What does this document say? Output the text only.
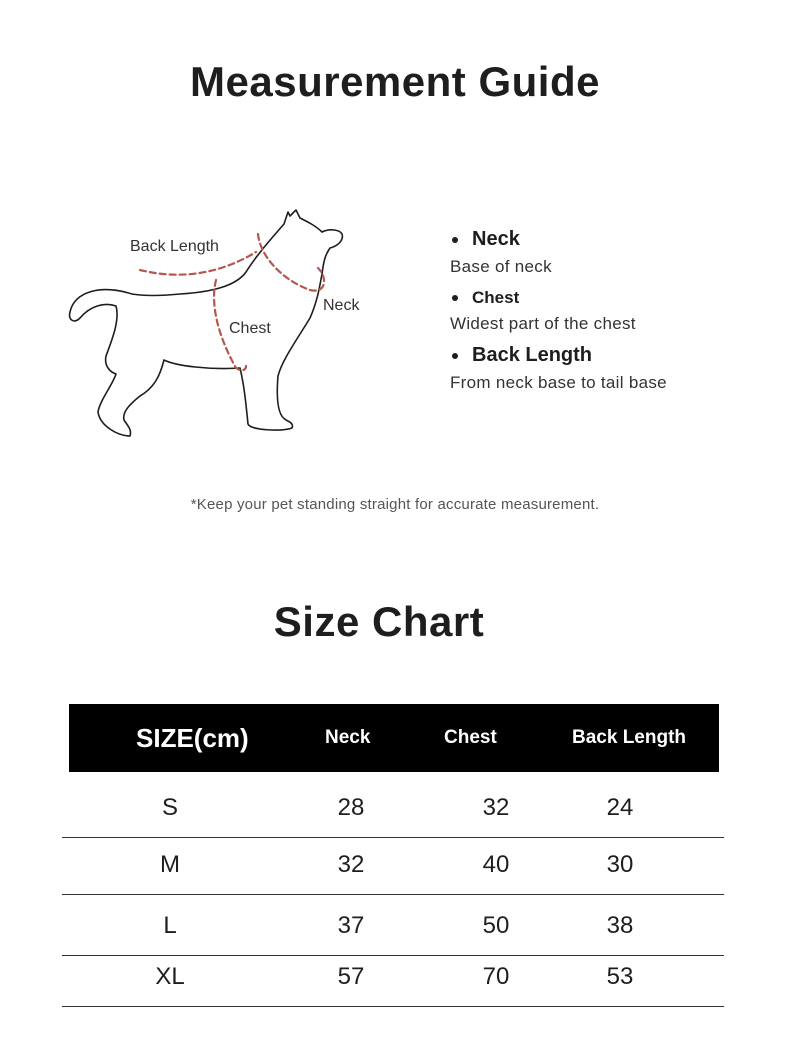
Measurement Guide
Back Length
Chest
Neck
Neck
Base of neck
Chest
Widest part of the chest
Back Length
From neck base to tail base
*Keep your pet standing straight for accurate measurement.
Size Chart
SIZE(cm)	Neck	Chest	Back Length
S	28	32	24
M	32	40	30
L	37	50	38
XL	57	70	53
